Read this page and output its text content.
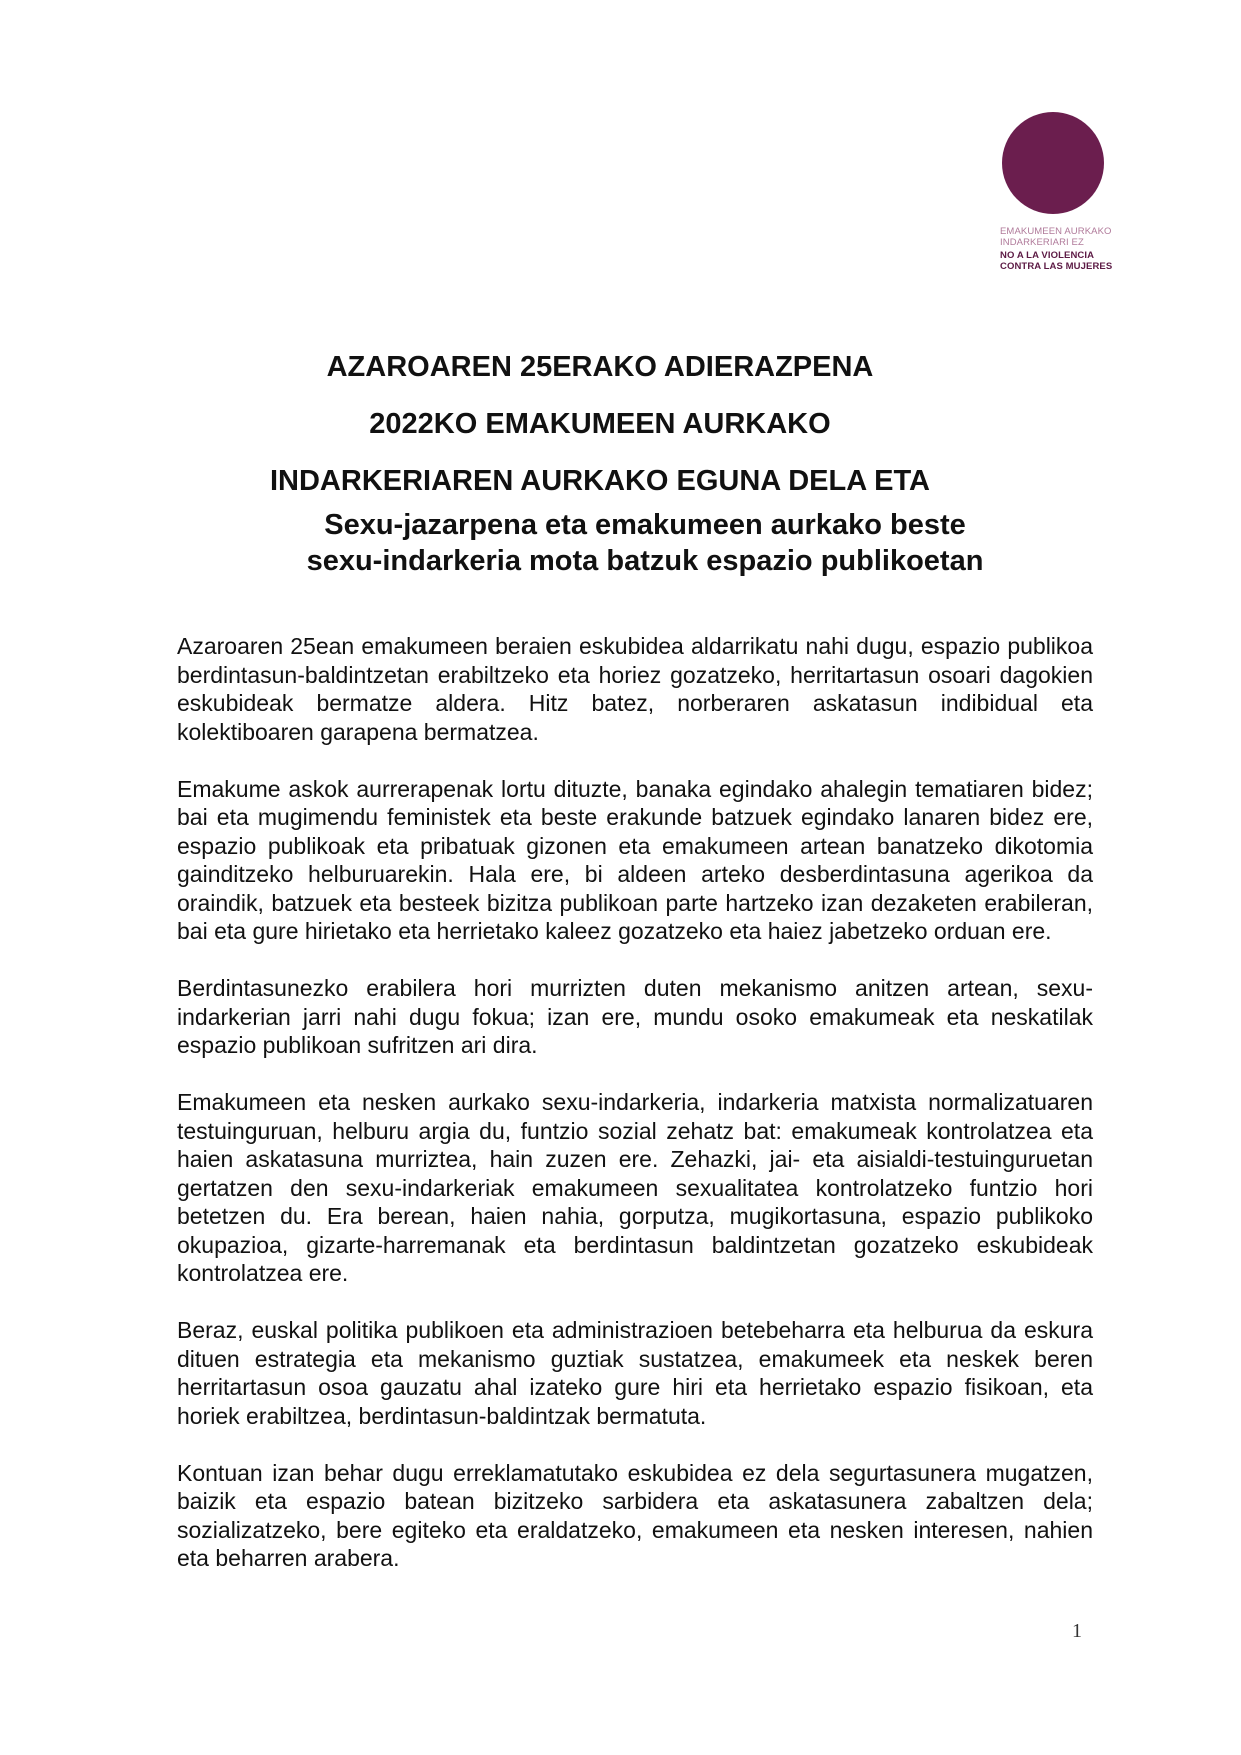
EMAKUMEEN AURKAKO
INDARKERIARI EZ
NO A LA VIOLENCIA
CONTRA LAS MUJERES
AZAROAREN 25ERAKO ADIERAZPENA
2022KO EMAKUMEEN AURKAKO
INDARKERIAREN AURKAKO EGUNA DELA ETA
Sexu-jazarpena eta emakumeen aurkako beste
sexu-indarkeria mota batzuk espazio publikoetan

Azaroaren 25ean emakumeen beraien eskubidea aldarrikatu nahi dugu, espazio publikoa berdintasun-baldintzetan erabiltzeko eta horiez gozatzeko, herritartasun osoari dagokien eskubideak bermatze aldera. Hitz batez, norberaren askatasun indibidual eta kolektiboaren garapena bermatzea.

Emakume askok aurrerapenak lortu dituzte, banaka egindako ahalegin tematiaren bidez; bai eta mugimendu feministek eta beste erakunde batzuek egindako lanaren bidez ere, espazio publikoak eta pribatuak gizonen eta emakumeen artean banatzeko dikotomia gainditzeko helburuarekin. Hala ere, bi aldeen arteko desberdintasuna agerikoa da oraindik, batzuek eta besteek bizitza publikoan parte hartzeko izan dezaketen erabileran, bai eta gure hirietako eta herrietako kaleez gozatzeko eta haiez jabetzeko orduan ere.

Berdintasunezko erabilera hori murrizten duten mekanismo anitzen artean, sexu-indarkerian jarri nahi dugu fokua; izan ere, mundu osoko emakumeak eta neskatilak espazio publikoan sufritzen ari dira.

Emakumeen eta nesken aurkako sexu-indarkeria, indarkeria matxista normalizatuaren testuinguruan, helburu argia du, funtzio sozial zehatz bat: emakumeak kontrolatzea eta haien askatasuna murriztea, hain zuzen ere. Zehazki, jai- eta aisialdi-testuinguruetan gertatzen den sexu-indarkeriak emakumeen sexualitatea kontrolatzeko funtzio hori betetzen du. Era berean, haien nahia, gorputza, mugikortasuna, espazio publikoko okupazioa, gizarte-harremanak eta berdintasun baldintzetan gozatzeko eskubideak kontrolatzea ere.

Beraz, euskal politika publikoen eta administrazioen betebeharra eta helburua da eskura dituen estrategia eta mekanismo guztiak sustatzea, emakumeek eta neskek beren herritartasun osoa gauzatu ahal izateko gure hiri eta herrietako espazio fisikoan, eta horiek erabiltzea, berdintasun-baldintzak bermatuta.

Kontuan izan behar dugu erreklamatutako eskubidea ez dela segurtasunera mugatzen, baizik eta espazio batean bizitzeko sarbidera eta askatasunera zabaltzen dela; sozializatzeko, bere egiteko eta eraldatzeko, emakumeen eta nesken interesen, nahien eta beharren arabera.

1
